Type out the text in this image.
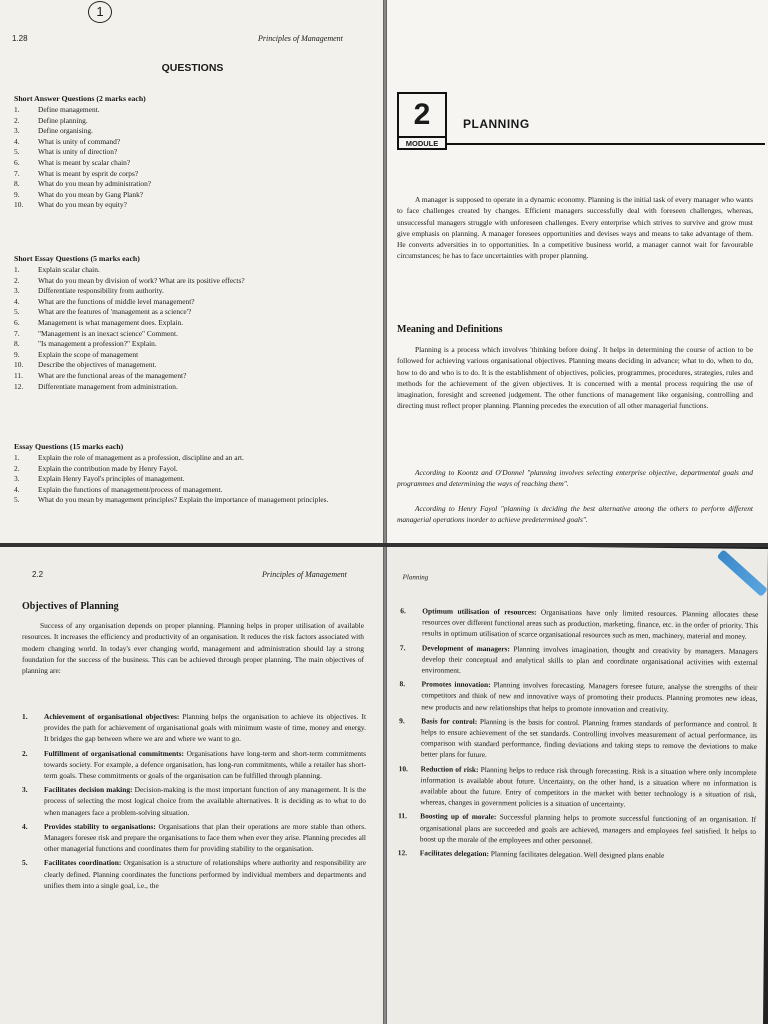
1
1.28	Principles of Management
QUESTIONS
Short Answer Questions (2 marks each)
1.	Define management.
2.	Define planning.
3.	Define organising.
4.	What is unity of command?
5.	What is unity of direction?
6.	What is meant by scalar chain?
7.	What is meant by esprit de corps?
8.	What do you mean by administration?
9.	What do you mean by Gang Plank?
10.	What do you mean by equity?
Short Essay Questions (5 marks each)
1.	Explain scalar chain.
2.	What do you mean by division of work? What are its positive effects?
3.	Differentiate responsibility from authority.
4.	What are the functions of middle level management?
5.	What are the features of 'management as a science'?
6.	Management is what management does. Explain.
7.	"Management is an inexact science" Comment.
8.	"Is management a profession?" Explain.
9.	Explain the scope of management
10.	Describe the objectives of management.
11.	What are the functional areas of the management?
12.	Differentiate management from administration.
Essay Questions (15 marks each)
1.	Explain the role of management as a profession, discipline and an art.
2.	Explain the contribution made by Henry Fayol.
3.	Explain Henry Fayol's principles of management.
4.	Explain the functions of management/process of management.
5.	What do you mean by management principles? Explain the importance of management principles.
2
MODULE
PLANNING

A manager is supposed to operate in a dynamic economy. Planning is the initial task of every manager who wants to face challenges created by changes. Efficient managers successfully deal with foreseen challenges, whereas, unsuccessful managers struggle with unforeseen challenges. Every enterprise which strives to survive and grow must give emphasis on planning. A manager foresees opportunities and devises ways and means to take advantage of them. He converts adversities in to opportunities. In a competitive business world, a manager cannot wait for favourable circumstances; he has to face uncertainties with proper planning.

Meaning and Definitions

Planning is a process which involves 'thinking before doing'. It helps in determining the course of action to be followed for achieving various organisational objectives. Planning means deciding in advance; what to do, when to do, how to do and who is to do. It is the establishment of objectives, policies, programmes, procedures, strategies, rules and methods for the achievement of the given objectives. It is concerned with a mental process requiring the use of imagination, foresight and screened judgement. The other functions of management like organising, controlling and directing must reflect proper planning. Planning precedes the execution of all other managerial functions.

According to Koontz and O'Donnel "planning involves selecting enterprise objective, departmental goals and programmes and determining the ways of reaching them".

According to Henry Fayol "planning is deciding the best alternative among the others to perform different managerial operations inorder to achieve predetermined goals".

2.2	Principles of Management
Objectives of Planning

Success of any organisation depends on proper planning. Planning helps in proper utilisation of available resources. It increases the efficiency and productivity of an organisation. It reduces the risk factors associated with modern changing world. In today's ever changing world, management and administration should lay a strong foundation for the success of the business. This can be achieved through proper planning. The main objectives of planning are:

1.	Achievement of organisational objectives: Planning helps the organisation to achieve its objectives. It provides the path for achievement of organisational goals with minimum waste of time, money and energy. It bridges the gap between where we are and where we want to go.
2.	Fulfillment of organisational commitments: Organisations have long-term and short-term commitments towards society. For example, a defence organisation, has long-run commitments, while a retailer has short-term goals. These commitments or goals of the organisation can be fulfilled through planning.
3.	Facilitates decision making: Decision-making is the most important function of any management. It is the process of selecting the most logical choice from the available alternatives. It is deciding as to what to do when managers face a problem-solving situation.
4.	Provides stability to organisations: Organisations that plan their operations are more stable than others. Managers foresee risk and prepare the organisations to face them when ever they arise. Planning precedes all other managerial functions and coordinates them for providing stability to the organisation.
5.	Facilitates coordination: Organisation is a structure of relationships where authority and responsibility are clearly defined. Planning coordinates the functions performed by individual members and departments and unifies them into a single goal, i.e., the
Planning
6.	Optimum utilisation of resources: Organisations have only limited resources. Planning allocates these resources over different functional areas such as production, marketing, finance, etc. in the order of priority. This results in optimum utilisation of scarce organisational resources such as men, machinery, material and money.
7.	Development of managers: Planning involves imagination, thought and creativity by managers. Managers develop their conceptual and analytical skills to plan and coordinate organisational activities with external environment.
8.	Promotes innovation: Planning involves forecasting. Managers foresee future, analyse the strengths of their competitors and think of new and innovative ways of promoting their products. Planning promotes new ideas, new products and new relationships that helps to promote innovation and creativity.
9.	Basis for control: Planning is the basis for control. Planning frames standards of performance and control. It helps to ensure achievement of the set standards. Controlling involves measurement of actual performance, its comparison with standard performance, finding deviations and taking steps to remove the deviations to make better plans for future.
10.	Reduction of risk: Planning helps to reduce risk through forecasting. Risk is a situation where only incomplete information is available about future. Uncertainty, on the other hand, is a situation where no information is available about the future. Entry of competitors in the market with better technology is a situation of risk, whereas, changes in government policies is a situation of uncertainty.
11.	Boosting up of morale: Successful planning helps to promote successful functioning of an organisation. If organisational plans are succeeded and goals are achieved, managers and employees feel satisfied. It helps to boost up the morale of the employees and other personnel.
12.	Facilitates delegation: Planning facilitates delegation. Well designed plans enable
